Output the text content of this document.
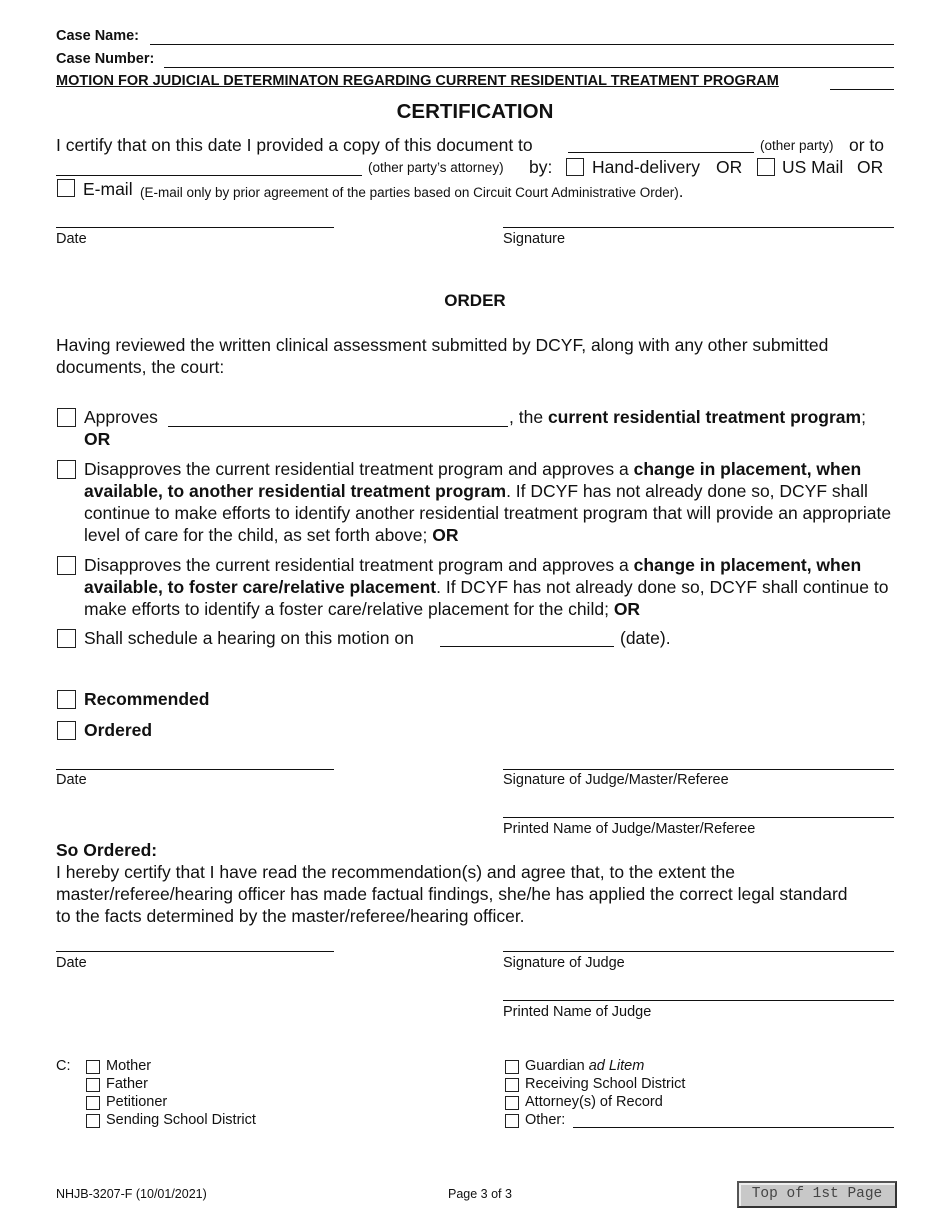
Case Name:
Case Number:
MOTION FOR JUDICIAL DETERMINATON REGARDING CURRENT RESIDENTIAL TREATMENT PROGRAM
CERTIFICATION
I certify that on this date I provided a copy of this document to	(other party) or to
(other party’s attorney) by: Hand-delivery OR US Mail OR
E-mail (E-mail only by prior agreement of the parties based on Circuit Court Administrative Order).
Date	Signature
ORDER
Having reviewed the written clinical assessment submitted by DCYF, along with any other submitted documents, the court:
Approves	, the current residential treatment program;
OR
Disapproves the current residential treatment program and approves a change in placement, when available, to another residential treatment program. If DCYF has not already done so, DCYF shall continue to make efforts to identify another residential treatment program that will provide an appropriate level of care for the child, as set forth above; OR
Disapproves the current residential treatment program and approves a change in placement, when available, to foster care/relative placement. If DCYF has not already done so, DCYF shall continue to make efforts to identify a foster care/relative placement for the child; OR
Shall schedule a hearing on this motion on	(date).
Recommended
Ordered
Date	Signature of Judge/Master/Referee
Printed Name of Judge/Master/Referee
So Ordered:
I hereby certify that I have read the recommendation(s) and agree that, to the extent the master/referee/hearing officer has made factual findings, she/he has applied the correct legal standard to the facts determined by the master/referee/hearing officer.
Date	Signature of Judge
Printed Name of Judge
C: Mother
Father
Petitioner
Sending School District
Guardian ad Litem
Receiving School District
Attorney(s) of Record
Other:
NHJB-3207-F (10/01/2021)	Page 3 of 3	Top of 1st Page
